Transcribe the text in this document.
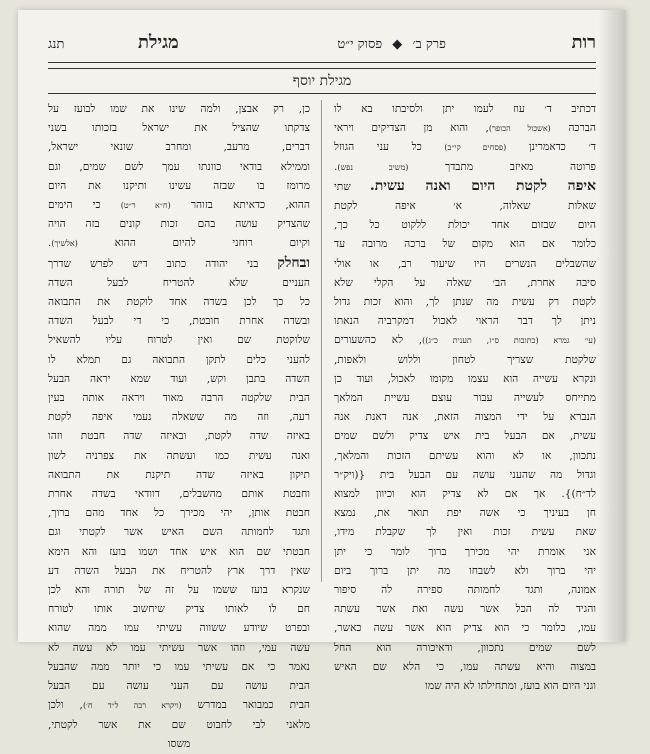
רות
פרק ב׳ ◆ פסוק י״ט
מגילת
תנג
מגילת יוסף
דכתיב ד׳ עוז לעמו יתן ולסיבתו בא לו
הברכה (אשכול הכופר), והוא מן הצדיקים ויראי
ד׳ כדאמרינן (פסחים קי״ב) כל עני הגוזל
פרוטה מאיזב מתבדך (משיב נפש).
איפה לקטת היום ואנה עשית. שתי
שאלות שאלוה, א׳ איפה לקטת
היום שבזום אחד יכולת ללקוט כל כך,
כלומר אם הוא מקום של ברכה מרובה עד
שהשבלים הנשרים היו שיעור רב, או אולי
סיבה אחרת, הב׳ שאלה על הקלי שלא
לקטת רק עשית מה שנתן לך, והוא זכות גדול
ניתן לך דבר הראוי לאכול דמקרביה הנאתו
(עי׳ גמרא (כתובות ס״ז, תענית כ״ג)), לא כהשעורים
שלקטת שצריך לטחון וללוש ולאפות,
ונקרא עשייה הוא עצמו מקומו לאכול, ועוד כן
מתייחס לעשייה עבור עוצם עשיית המלאך
הנברא על ידי המצוה הזאת, אנה דאנת אנה
עשית, אם הבעל בית איש צדיק ולשם שמים
נתכוון, או לא והוא עשיתם הזכות והמלאך,
וגדול מה שהעני עושה עם הבעל בית {(ויק״ר
לד״ח)}. אך אם לא צדיק הוא וכיוון למצוא
חן בעיניך כי אשה יפת תואר את, נמצא
שאת עשית זכות ואין לך שקבלת מידו,
אני אומרת יהי מכירך ברוך לומר כי יתן
יהי ברוך ולא לשבחו מה יתן ברוך ביום
אמונה, ותגד לחמותה ספירה לה סיפור
והגיד לה הכל אשר עשה ואת אשר עשתה
עמו, כלומר כי הוא צדיק הוא אשר עשה כאשר,
לשם שמים נתכוון, ודאיכורה הוא החל
במצוה והיא עשתה עמו, כי הלא שם האיש
וגני היום הוא בועז, ומתחילתו לא היה שמו
כן, רק אבצן, ולמה שינו את שמו לבועז על
צדקתו שהציל את ישראל בזכותו בשני
דברים, מרעב, ומחרב שונאי ישראל,
וממילא בודאי כוונתו עמך לשם שמים, וגם
מרומז בו שבזה עשינו ותיקנו את היום
ההוא, כדאיתא בזוהר (ח״א ר״ט) כי הימים
שהצדיק עושה בהם זכות קונים בזה הויה
וקיום רוחני להיום ההוא (אלשיך).
ובחלק בני יהודה כתוב דיש לפרש שדרך
העניים שלא להטריח לבעל השדה
כל כך לכן בשדה אחד לוקטת את התבואה
ובשדה אחרת חובטת, כי די לבעל השדה
שלוקטת שם ואין לטרוח עליו להשאיל
להעני כלים לתקן התבואה גם תמלא לו
השדה בתבן וקש, ועוד שמא יראה הבעל
הבית שלקטה הרבה מאוד ויראה אותה בעין
רעה, וזה מה ששאלה נעמי איפה לקטת
באיזה שדה לקטת, ובאיזה שדה חבטת וזהו
ואנה עשית כמו ועשתה את צפרניה לשון
תיקון באיזה שדה תיקנת את התבואה
וחבטת אותם מהשבלים, דוודאי בשדה אחרת
חבטת אותן, יהי מכירך כל אחד מהם ברוך,
ותגד לחמותה השם האיש אשר לקטתי וגם
חבטתי שם הוא איש אחד ושמו בועז והא הימא
שאין דרך ארץ להטריח את הבעל השדה דע
שנקרא בועז ששמו על זה של תורה והא לכן
חם לו לאותו צדיק שיחשוב אותו לטורח
ובפרט שיודע ששווה עשיתי עמו ממה שהוא
עשה עמי, וזהו אשר עשיתי עמו לא עשה לא
נאמר כי אם עשיתי עמו כי יותר ממה שהבעל
הבית עושה עם העני עושה עם הבעל
הבית כמבואר במדרש (ויקרא רבה ל״ד ח׳), ולכן
מלאני לבי לחבוט שם את אשר לקטתי,
משסו
